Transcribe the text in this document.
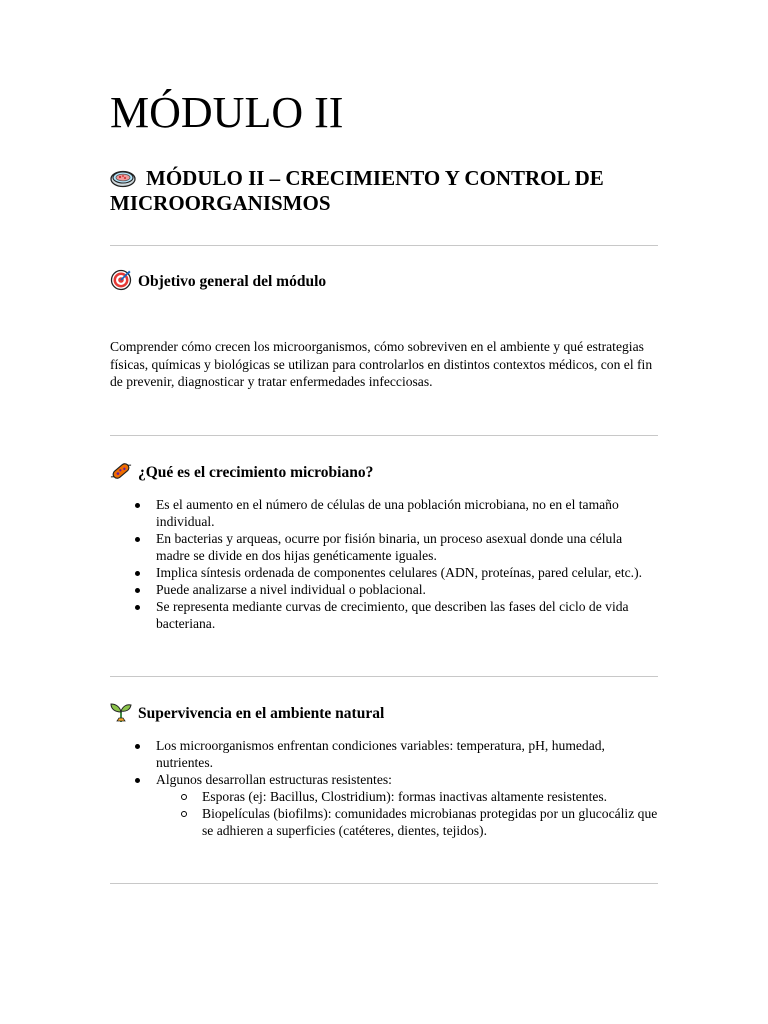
MÓDULO II
MÓDULO II – CRECIMIENTO Y CONTROL DE MICROORGANISMOS
Objetivo general del módulo

Comprender cómo crecen los microorganismos, cómo sobreviven en el ambiente y qué estrategias físicas, químicas y biológicas se utilizan para controlarlos en distintos contextos médicos, con el fin de prevenir, diagnosticar y tratar enfermedades infecciosas.

¿Qué es el crecimiento microbiano?
Es el aumento en el número de células de una población microbiana, no en el tamaño individual.
En bacterias y arqueas, ocurre por fisión binaria, un proceso asexual donde una célula madre se divide en dos hijas genéticamente iguales.
Implica síntesis ordenada de componentes celulares (ADN, proteínas, pared celular, etc.).
Puede analizarse a nivel individual o poblacional.
Se representa mediante curvas de crecimiento, que describen las fases del ciclo de vida bacteriana.
Supervivencia en el ambiente natural
Los microorganismos enfrentan condiciones variables: temperatura, pH, humedad, nutrientes.
Algunos desarrollan estructuras resistentes:
Esporas (ej: Bacillus, Clostridium): formas inactivas altamente resistentes.
Biopelículas (biofilms): comunidades microbianas protegidas por un glucocáliz que se adhieren a superficies (catéteres, dientes, tejidos).
